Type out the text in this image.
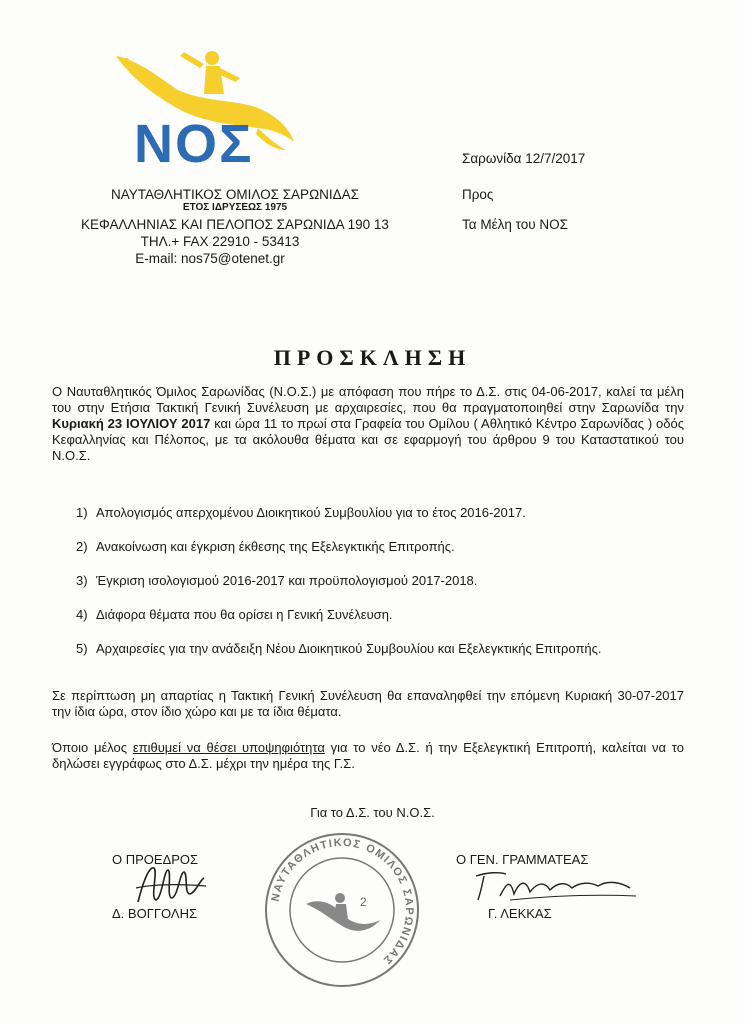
ΝΟΣ
ΝΑΥΤΑΘΛΗΤΙΚΟΣ ΟΜΙΛΟΣ ΣΑΡΩΝΙΔΑΣ
ΕΤΟΣ ΙΔΡΥΣΕΩΣ 1975
ΚΕΦΑΛΛΗΝΙΑΣ ΚΑΙ ΠΕΛΟΠΟΣ ΣΑΡΩΝΙΔΑ 190 13
ΤΗΛ.+ FAX 22910 - 53413
E-mail: nos75@otenet.gr
Σαρωνίδα 12/7/2017
Προς
Τα Μέλη του ΝΟΣ
ΠΡΟΣΚΛΗΣΗ
Ο Ναυταθλητικός Όμιλος Σαρωνίδας (Ν.Ο.Σ.) με απόφαση που πήρε το Δ.Σ. στις 04-06-2017, καλεί τα μέλη του στην Ετήσια Τακτική Γενική Συνέλευση με αρχαιρεσίες, που θα πραγματοποιηθεί στην Σαρωνίδα την Κυριακή 23 ΙΟΥΛΙΟΥ 2017 και ώρα 11 το πρωί στα Γραφεία του Ομίλου ( Αθλητικό Κέντρο Σαρωνίδας ) οδός Κεφαλληνίας και Πέλοπος, με τα ακόλουθα θέματα και σε εφαρμογή του άρθρου 9 του Καταστατικού του Ν.Ο.Σ.
1) Απολογισμός απερχομένου Διοικητικού Συμβουλίου για το έτος 2016-2017.
2) Ανακοίνωση και έγκριση έκθεσης της Εξελεγκτικής Επιτροπής.
3) Έγκριση ισολογισμού 2016-2017 και προϋπολογισμού 2017-2018.
4) Διάφορα θέματα που θα ορίσει η Γενική Συνέλευση.
5) Αρχαιρεσίες για την ανάδειξη Νέου Διοικητικού Συμβουλίου και Εξελεγκτικής Επιτροπής.
Σε περίπτωση μη απαρτίας η Τακτική Γενική Συνέλευση θα επαναληφθεί την επόμενη Κυριακή 30-07-2017 την ίδια ώρα, στον ίδιο χώρο και με τα ίδια θέματα.
Όποιο μέλος επιθυμεί να θέσει υποψηφιότητα για το νέο Δ.Σ. ή την Εξελεγκτική Επιτροπή, καλείται να το δηλώσει εγγράφως στο Δ.Σ. μέχρι την ημέρα της Γ.Σ.
Για το Δ.Σ. του Ν.Ο.Σ.
Ο ΠΡΟΕΔΡΟΣ
Δ. ΒΟΓΓΟΛΗΣ
Ο ΓΕΝ. ΓΡΑΜΜΑΤΕΑΣ
Γ. ΛΕΚΚΑΣ
ΝΑΥΤΑΘΛΗΤΙΚΟΣ ΟΜΙΛΟΣ ΣΑΡΩΝΙΔΑΣ
2
